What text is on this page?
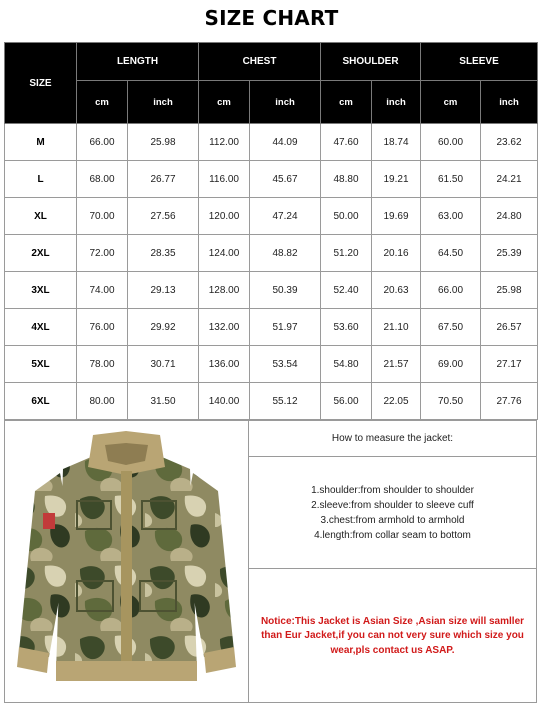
SIZE CHART
SIZE	LENGTH		CHEST		SHOULDER		SLEEVE	
	cm	inch	cm	inch	cm	inch	cm	inch
M	66.00	25.98	112.00	44.09	47.60	18.74	60.00	23.62
L	68.00	26.77	116.00	45.67	48.80	19.21	61.50	24.21
XL	70.00	27.56	120.00	47.24	50.00	19.69	63.00	24.80
2XL	72.00	28.35	124.00	48.82	51.20	20.16	64.50	25.39
3XL	74.00	29.13	128.00	50.39	52.40	20.63	66.00	25.98
4XL	76.00	29.92	132.00	51.97	53.60	21.10	67.50	26.57
5XL	78.00	30.71	136.00	53.54	54.80	21.57	69.00	27.17
6XL	80.00	31.50	140.00	55.12	56.00	22.05	70.50	27.76
How to measure the jacket:
1.shoulder:from shoulder to shoulder
2.sleeve:from shoulder to sleeve cuff
3.chest:from armhold to armhold
4.length:from collar seam to bottom
Notice:This Jacket is Asian Size ,Asian size will samller than Eur Jacket,if you can not very sure which size you wear,pls contact us ASAP.
